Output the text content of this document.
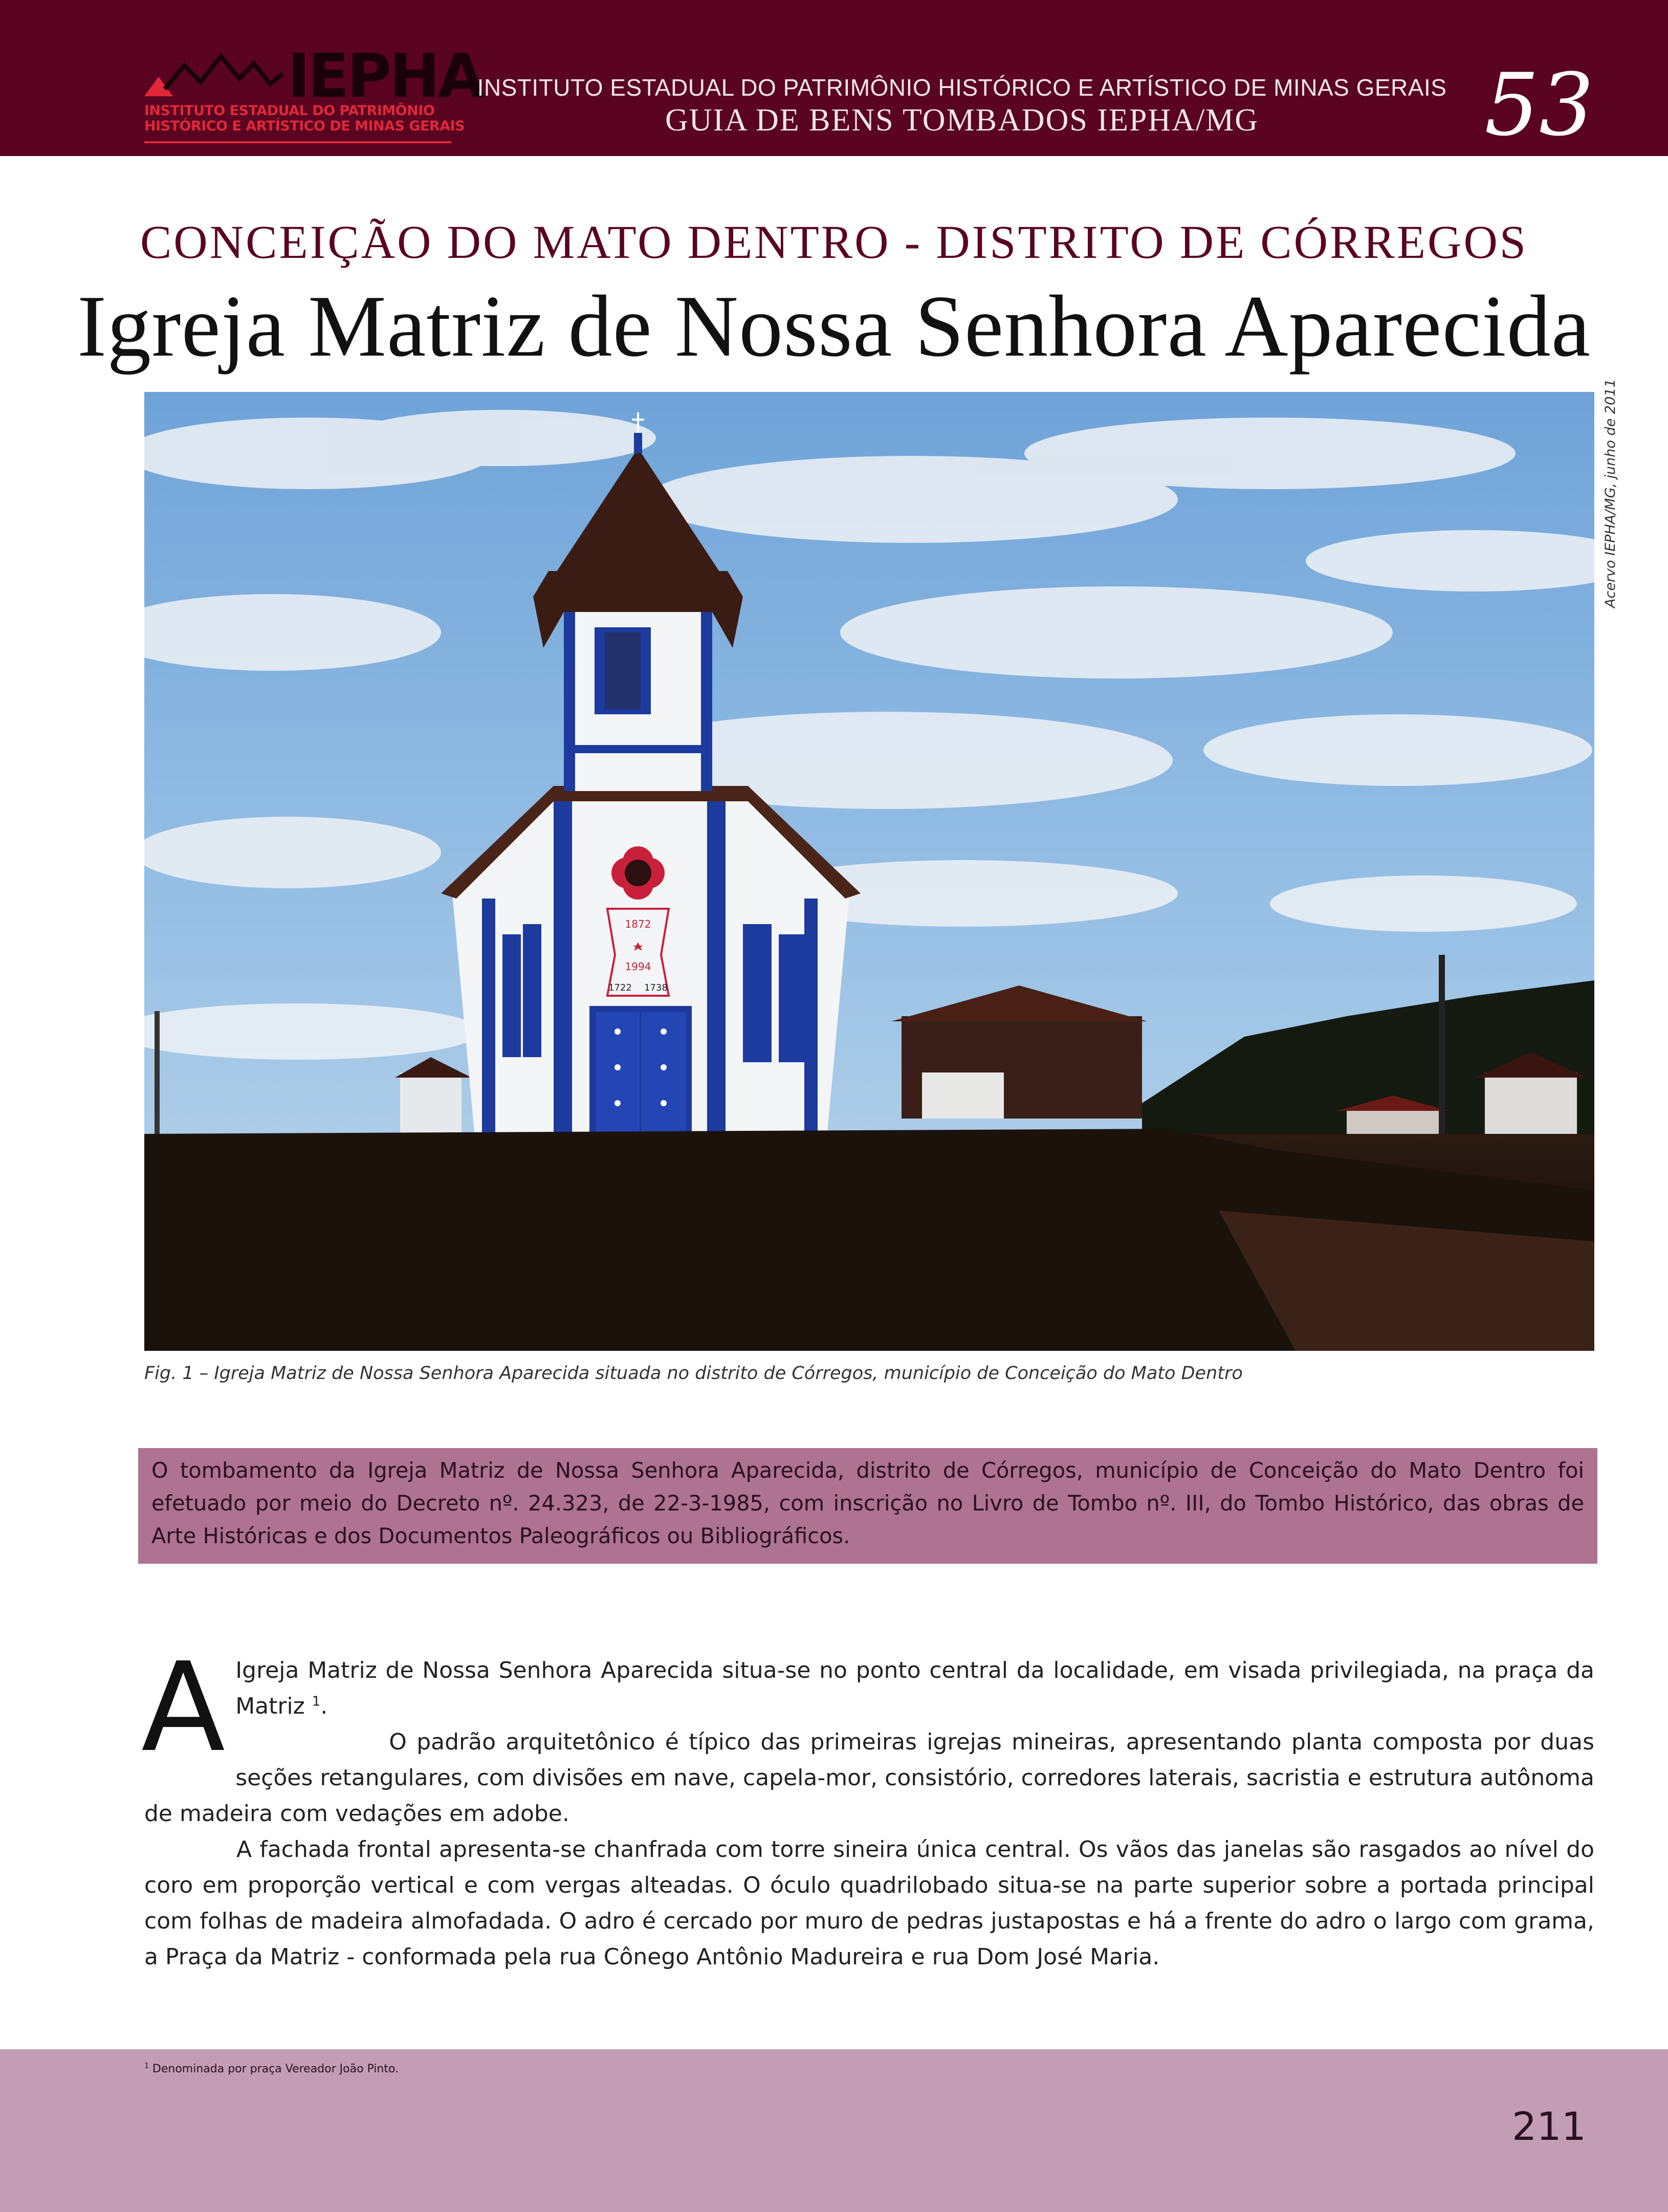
IEPHA
INSTITUTO ESTADUAL DO PATRIMÔNIO
HISTÓRICO E ARTÍSTICO DE MINAS GERAIS
INSTITUTO ESTADUAL DO PATRIMÔNIO HISTÓRICO E ARTÍSTICO DE MINAS GERAIS
GUIA DE BENS TOMBADOS IEPHA/MG	53
CONCEIÇÃO DO MATO DENTRO - DISTRITO DE CÓRREGOS
Igreja Matriz de Nossa Senhora Aparecida
1872
1994
1722 1738
Acervo IEPHA/MG, junho de 2011
Fig. 1 – Igreja Matriz de Nossa Senhora Aparecida situada no distrito de Córregos, município de Conceição do Mato Dentro

O tombamento da Igreja Matriz de Nossa Senhora Aparecida, distrito de Córregos, município de Conceição do Mato Dentro foi efetuado por meio do Decreto nº. 24.323, de 22-3-1985, com inscrição no Livro de Tombo nº. III, do Tombo Histórico, das obras de Arte Históricas e dos Documentos Paleográficos ou Bibliográficos.

A Igreja Matriz de Nossa Senhora Aparecida situa-se no ponto central da localidade, em visada privilegiada, na praça da Matriz $^1$.

O padrão arquitetônico é típico das primeiras igrejas mineiras, apresentando planta composta por duas seções retangulares, com divisões em nave, capela-mor, consistório, corredores laterais, sacristia e estrutura autônoma de madeira com vedações em adobe.

A fachada frontal apresenta-se chanfrada com torre sineira única central. Os vãos das janelas são rasgados ao nível do coro em proporção vertical e com vergas alteadas. O óculo quadrilobado situa-se na parte superior sobre a portada principal com folhas de madeira almofadada. O adro é cercado por muro de pedras justapostas e há a frente do adro o largo com grama, a Praça da Matriz - conformada pela rua Cônego Antônio Madureira e rua Dom José Maria.

$^1$ Denominada por praça Vereador João Pinto.
211
